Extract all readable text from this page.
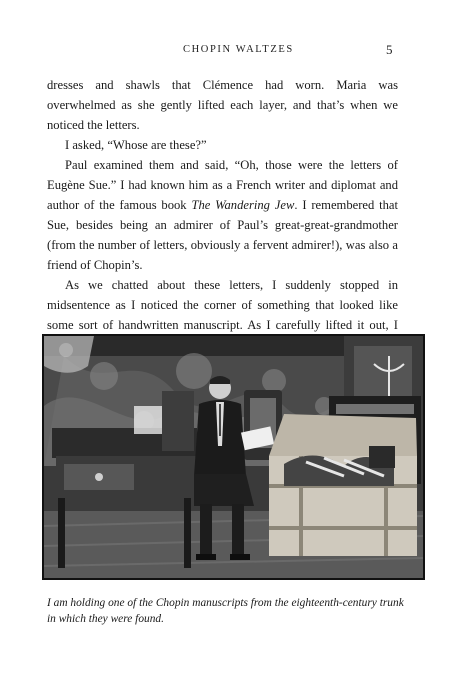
CHOPIN WALTZES	5

dresses and shawls that Clémence had worn. Maria was overwhelmed as she gently lifted each layer, and that’s when we noticed the letters.

I asked, “Whose are these?”

Paul examined them and said, “Oh, those were the letters of Eugène Sue.” I had known him as a French writer and diplomat and author of the famous book The Wandering Jew. I remembered that Sue, besides being an admirer of Paul’s great-great-grandmother (from the number of letters, obviously a fervent admirer!), was also a friend of Chopin’s.

As we chatted about these letters, I suddenly stopped in midsentence as I noticed the corner of something that looked like some sort of handwritten manuscript. As I carefully lifted it out, I

I am holding one of the Chopin manuscripts from the eighteenth-century trunk in which they were found.
